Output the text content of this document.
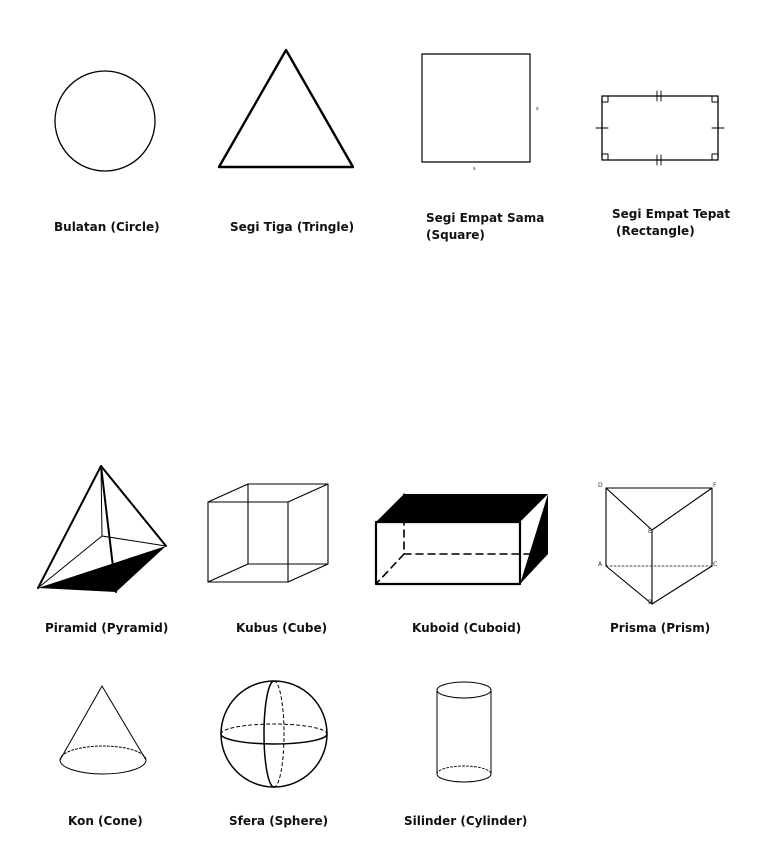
Bulatan (Circle)	Segi Tiga (Tringle)
s
s
Segi Empat Sama
(Square)
Segi Empat Tepat
(Rectangle)
Piramid (Pyramid)	Kubus (Cube)	Kuboid (Cuboid)
D	F
E
A	C
B
Prisma (Prism)
Kon (Cone)	Sfera (Sphere)	Silinder (Cylinder)
